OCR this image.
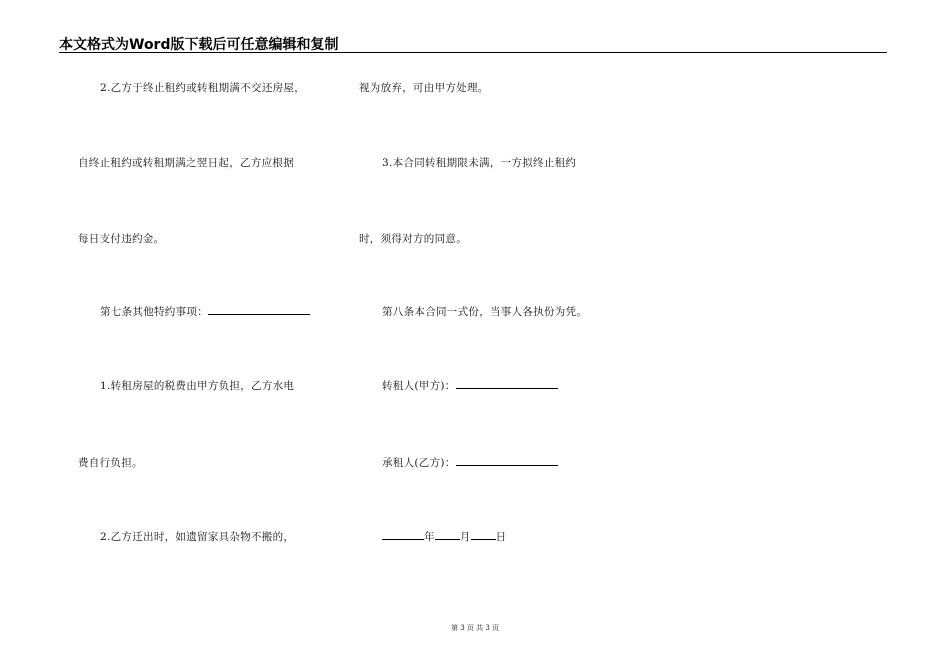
本文格式为Word版下载后可任意编辑和复制
2.乙方于终止租约或转租期满不交还房屋，
自终止租约或转租期满之翌日起，乙方应根据
每日支付违约金。
第七条其他特约事项：
1.转租房屋的税费由甲方负担，乙方水电
费自行负担。
2.乙方迁出时，如遗留家具杂物不搬的，
视为放弃，可由甲方处理。
3.本合同转租期限未满，一方拟终止租约
时，须得对方的同意。
第八条本合同一式份，当事人各执份为凭。
转租人(甲方)：
承租人(乙方)：
年 月 日
第 3 页 共 3 页
